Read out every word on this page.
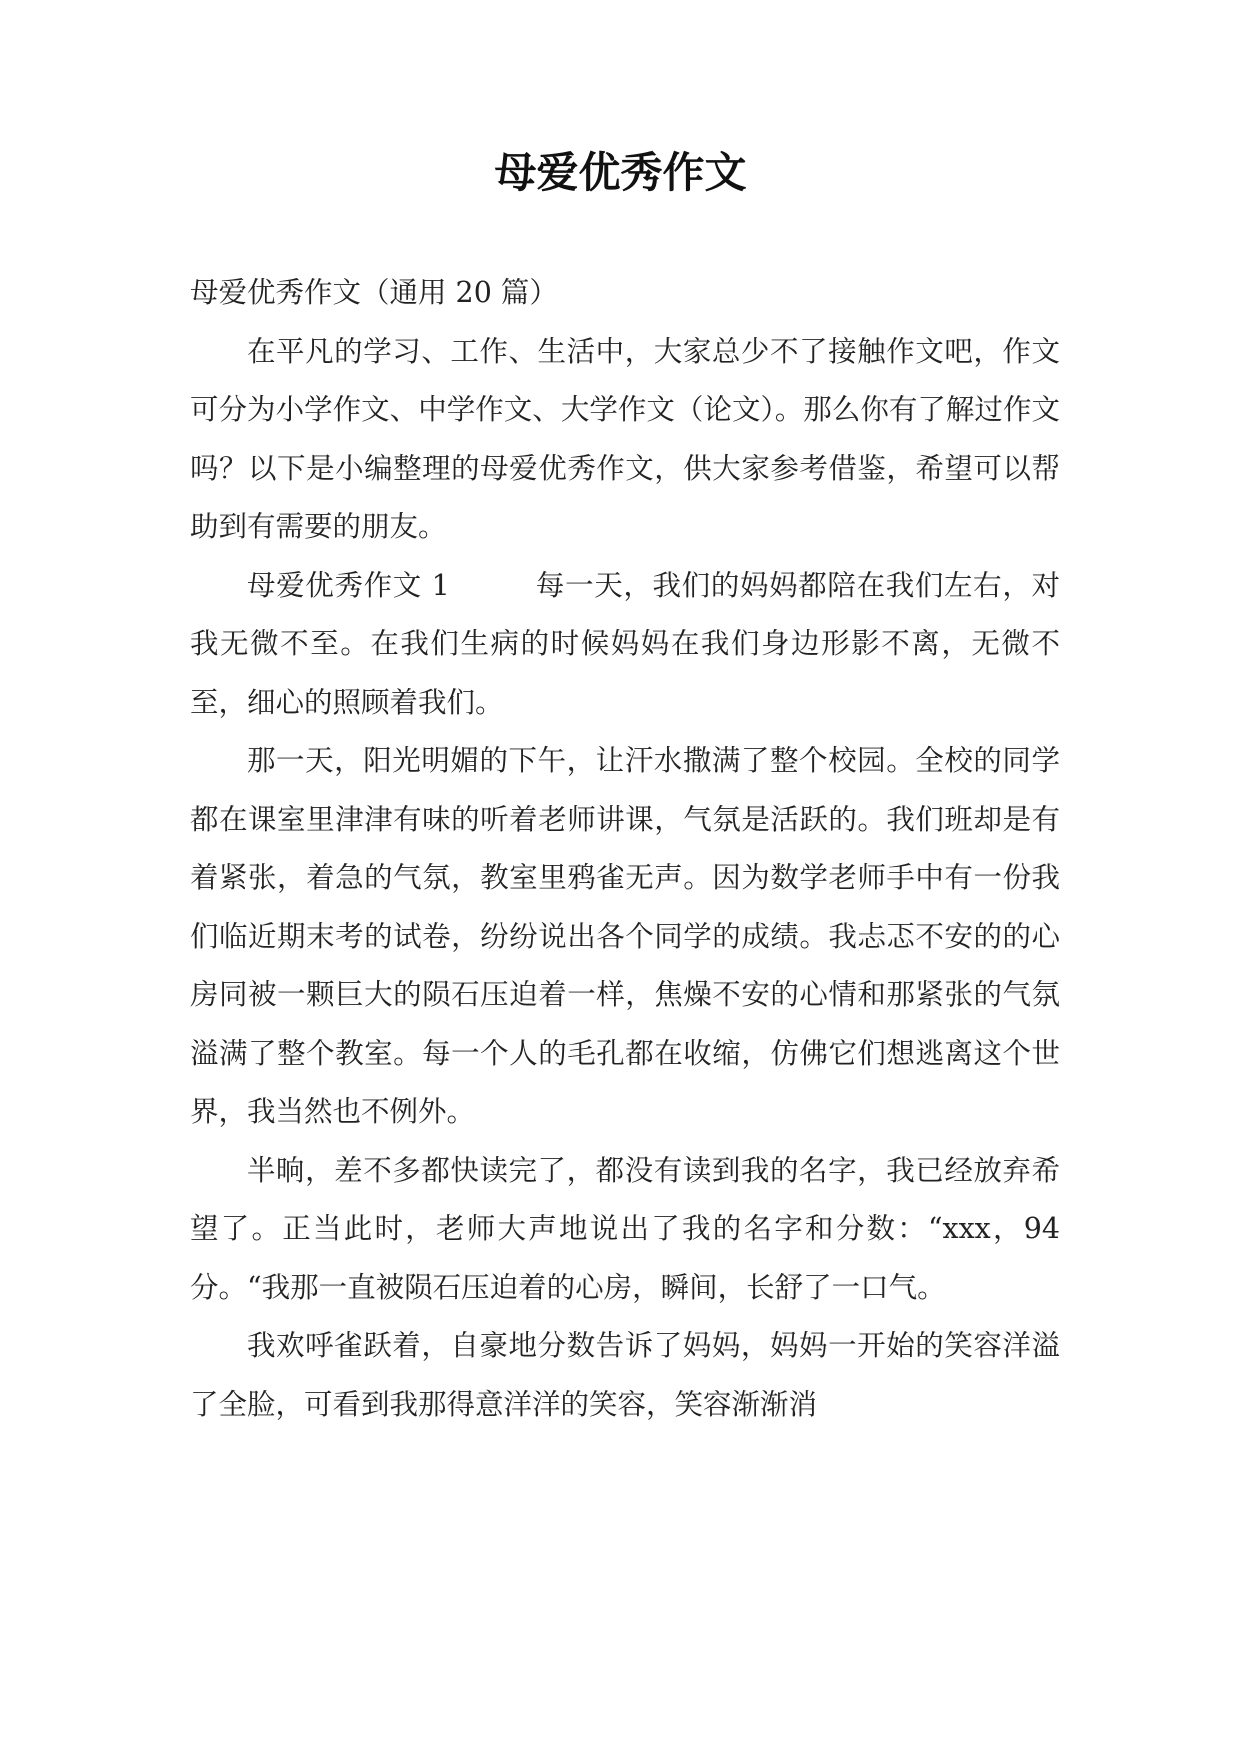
母爱优秀作文

母爱优秀作文（通用 20 篇）

在平凡的学习、工作、生活中，大家总少不了接触作文吧，作文可分为小学作文、中学作文、大学作文（论文）。那么你有了解过作文吗？以下是小编整理的母爱优秀作文，供大家参考借鉴，希望可以帮助到有需要的朋友。

母爱优秀作文 1	每一天，我们的妈妈都陪在我们左右，对我无微不至。在我们生病的时候妈妈在我们身边形影不离，无微不至，细心的照顾着我们。

那一天，阳光明媚的下午，让汗水撒满了整个校园。全校的同学都在课室里津津有味的听着老师讲课，气氛是活跃的。我们班却是有着紧张，着急的气氛，教室里鸦雀无声。因为数学老师手中有一份我们临近期末考的试卷，纷纷说出各个同学的成绩。我忐忑不安的的心房同被一颗巨大的陨石压迫着一样，焦燥不安的心情和那紧张的气氛溢满了整个教室。每一个人的毛孔都在收缩，仿佛它们想逃离这个世界，我当然也不例外。

半晌，差不多都快读完了，都没有读到我的名字，我已经放弃希望了。正当此时，老师大声地说出了我的名字和分数：“xxx，94 分。“我那一直被陨石压迫着的心房，瞬间，长舒了一口气。

我欢呼雀跃着，自豪地分数告诉了妈妈，妈妈一开始的笑容洋溢了全脸，可看到我那得意洋洋的笑容，笑容渐渐消
